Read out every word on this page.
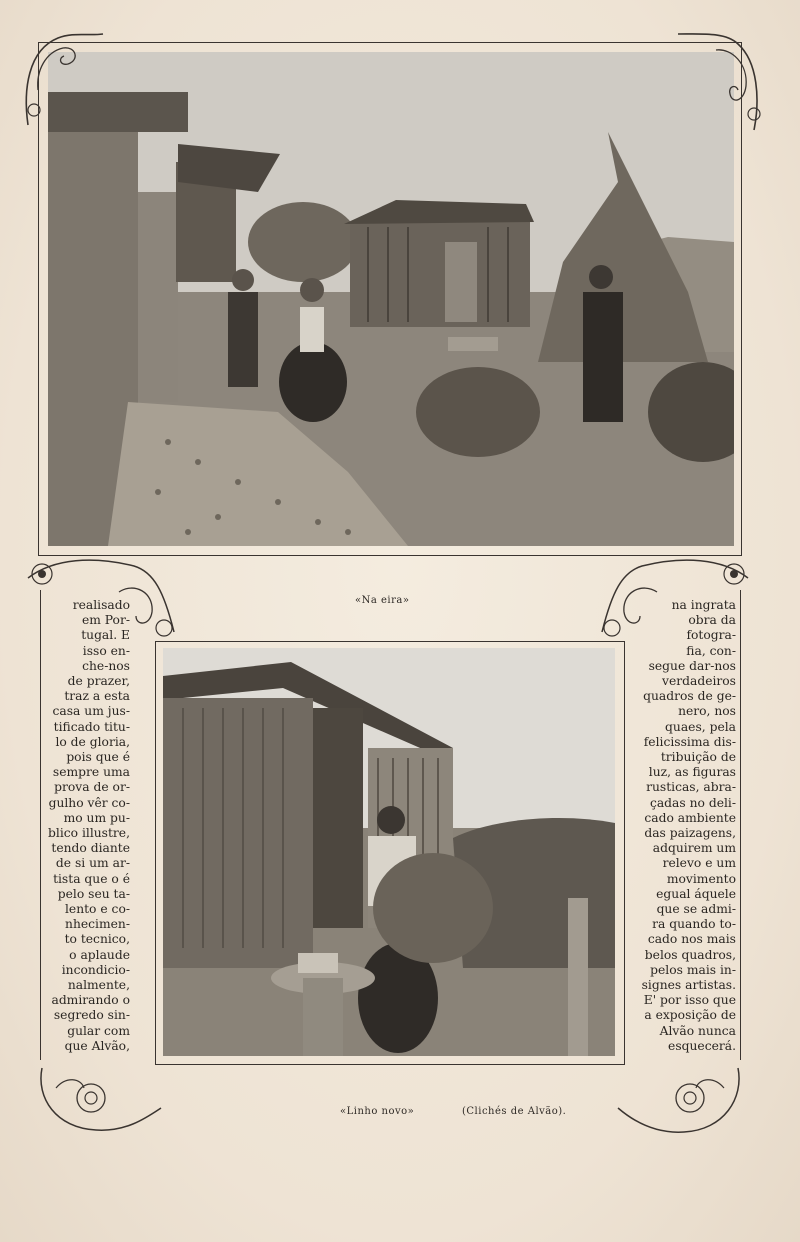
«Na eira»
realisado
em Por-
tugal. E
isso en-
che-nos
de prazer,
traz a esta
casa um jus-
tificado titu-
lo de gloria,
pois que é
sempre uma
prova de or-
gulho vêr co-
mo um pu-
blico illustre,
tendo diante
de si um ar-
tista que o é
pelo seu ta-
lento e co-
nhecimen-
to tecnico,
o aplaude
incondicio-
nalmente,
admirando o
segredo sin-
gular com
que Alvão,
na ingrata
obra da
fotogra-
fia, con-
segue dar-nos
verdadeiros
quadros de ge-
nero, nos
quaes, pela
felicissima dis-
tribuição de
luz, as figuras
rusticas, abra-
çadas no deli-
cado ambiente
das paizagens,
adquirem um
relevo e um
movimento
egual áquele
que se admi-
ra quando to-
cado nos mais
belos quadros,
pelos mais in-
signes artistas.
E' por isso que
a exposição de
Alvão nunca
esquecerá.
«Linho novo»	(Clichés de Alvão).
